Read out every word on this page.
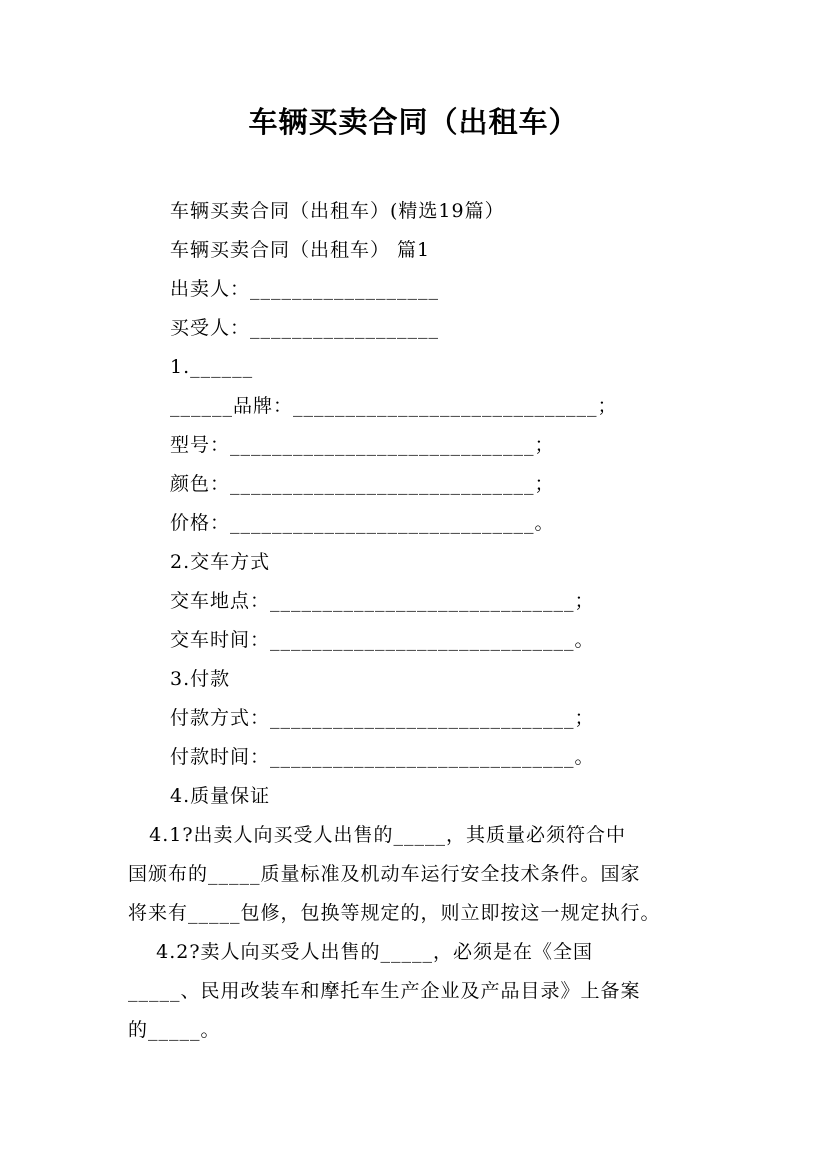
车辆买卖合同（出租车）

车辆买卖合同（出租车）(精选19篇）

车辆买卖合同（出租车） 篇1

出卖人：__________________

买受人：__________________

1.______

______品牌：_____________________________；

型号：_____________________________；

颜色：_____________________________；

价格：_____________________________。

2.交车方式

交车地点：_____________________________；

交车时间：_____________________________。

3.付款

付款方式：_____________________________；

付款时间：_____________________________。

4.质量保证

4.1?出卖人向买受人出售的_____，其质量必须符合中

国颁布的_____质量标准及机动车运行安全技术条件。国家

将来有_____包修，包换等规定的，则立即按这一规定执行。

4.2?卖人向买受人出售的_____，必须是在《全国

_____、民用改装车和摩托车生产企业及产品目录》上备案

的_____。
